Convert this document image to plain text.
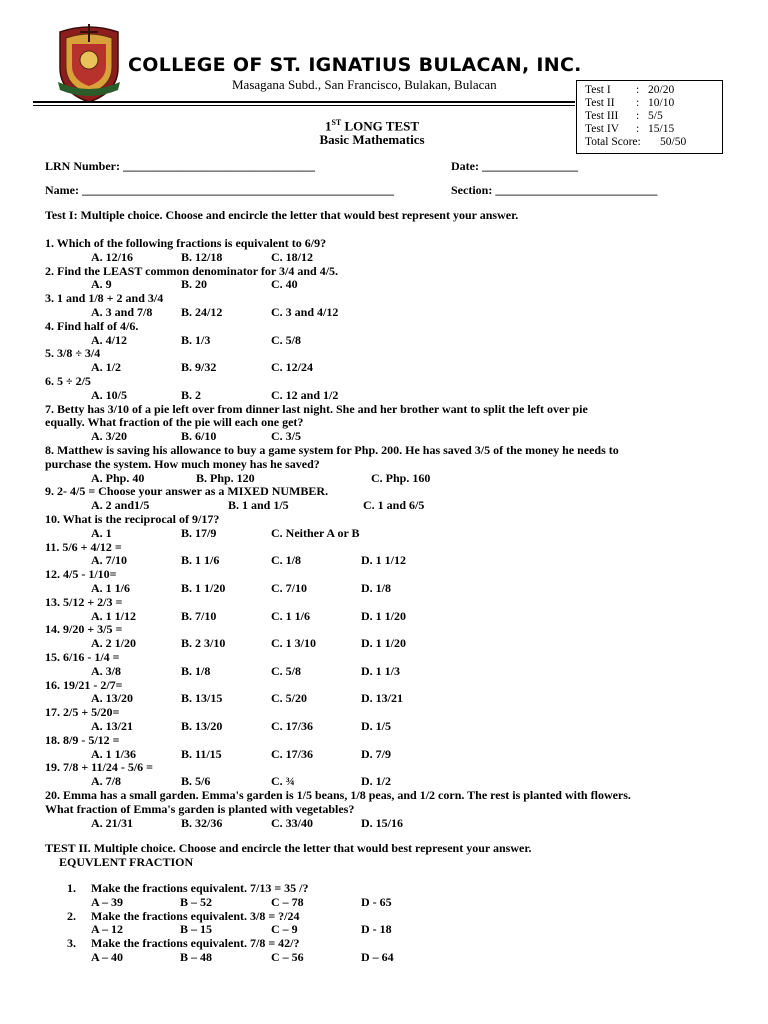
COLLEGE OF ST. IGNATIUS BULACAN, INC.
Masagana Subd., San Francisco, Bulakan, Bulacan	Test I	: 20/20
Test II	: 10/10
Test III	: 5/5
Test IV	: 15/15
Total Score:	50/50
1ST LONG TEST
Basic Mathematics
LRN Number: ________________________________	Date: ________________
Name: ____________________________________________________	Section: ___________________________
Test I: Multiple choice. Choose and encircle the letter that would best represent your answer.
1. Which of the following fractions is equivalent to 6/9?
A. 12/16	B. 12/18	C. 18/12
2. Find the LEAST common denominator for 3/4 and 4/5.
A. 9	B. 20	C. 40
3. 1 and 1/8 + 2 and 3/4
A. 3 and 7/8 B. 24/12	C. 3 and 4/12
4. Find half of 4/6.
A. 4/12	B. 1/3	C. 5/8
5. 3/8 ÷ 3/4
A. 1/2	B. 9/32	C. 12/24
6. 5 ÷ 2/5
A. 10/5	B. 2	C. 12 and 1/2
7. Betty has 3/10 of a pie left over from dinner last night. She and her brother want to split the left over pie
equally. What fraction of the pie will each one get?
A. 3/20	B. 6/10	C. 3/5
8. Matthew is saving his allowance to buy a game system for Php. 200. He has saved 3/5 of the money he needs to
purchase the system. How much money has he saved?
A. Php. 40	B. Php. 120	C. Php. 160
9. 2- 4/5 = Choose your answer as a MIXED NUMBER.
A. 2 and1/5	B. 1 and 1/5	C. 1 and 6/5
10. What is the reciprocal of 9/17?
A. 1	B. 17/9	C. Neither A or B
11. 5/6 + 4/12 =
A. 7/10	B. 1 1/6	C. 1/8	D. 1 1/12
12. 4/5 - 1/10=
A. 1 1/6	B. 1 1/20	C. 7/10	D. 1/8
13. 5/12 + 2/3 =
A. 1 1/12	B. 7/10	C. 1 1/6	D. 1 1/20
14. 9/20 + 3/5 =
A. 2 1/20	B. 2 3/10	C. 1 3/10	D. 1 1/20
15. 6/16 - 1/4 =
A. 3/8	B. 1/8	C. 5/8	D. 1 1/3
16. 19/21 - 2/7=
A. 13/20	B. 13/15	C. 5/20	D. 13/21
17. 2/5 + 5/20=
A. 13/21	B. 13/20	C. 17/36	D. 1/5
18. 8/9 - 5/12 =
A. 1 1/36	B. 11/15	C. 17/36	D. 7/9
19. 7/8 + 11/24 - 5/6 =
A. 7/8	B. 5/6	C. ¾	D. 1/2
20. Emma has a small garden. Emma's garden is 1/5 beans, 1/8 peas, and 1/2 corn. The rest is planted with flowers.
What fraction of Emma's garden is planted with vegetables?
A. 21/31	B. 32/36	C. 33/40	D. 15/16
TEST II. Multiple choice. Choose and encircle the letter that would best represent your answer.
EQUVLENT FRACTION
1. Make the fractions equivalent. 7/13 = 35 /?
A – 39	B – 52	C – 78	D - 65
2. Make the fractions equivalent. 3/8 = ?/24
A – 12	B – 15	C – 9	D - 18
3. Make the fractions equivalent. 7/8 = 42/?
A – 40	B – 48	C – 56	D – 64
